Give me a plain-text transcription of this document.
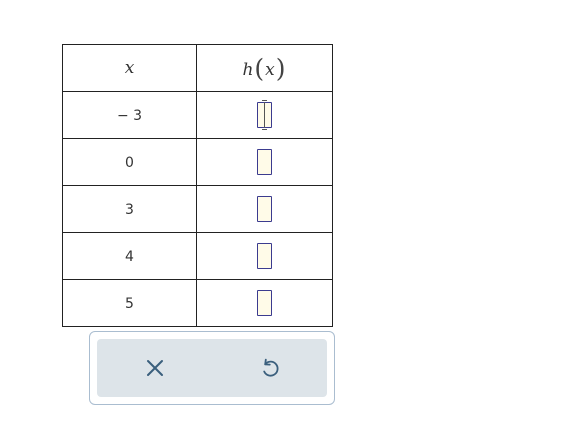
x	h(x)
− 3	

0	
3	
4	
5	
